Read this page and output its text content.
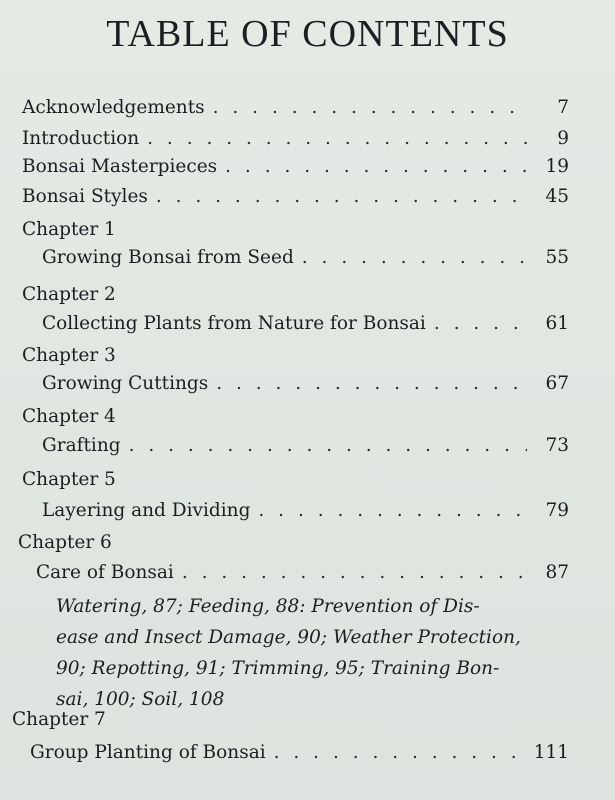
TABLE OF CONTENTS
Acknowledgements . . .	7
Introduction . . .	9
Bonsai Masterpieces . . .	19
Bonsai Styles . . .	45
Chapter 1
Growing Bonsai from Seed . . .	55
Chapter 2
Collecting Plants from Nature for Bonsai . . .	61
Chapter 3
Growing Cuttings . . .	67
Chapter 4
Grafting . . .	73
Chapter 5
Layering and Dividing . . .	79
Chapter 6
Care of Bonsai . . .	87
Watering, 87; Feeding, 88: Prevention of Dis-
ease and Insect Damage, 90; Weather Protection,
90; Repotting, 91; Trimming, 95; Training Bon-
sai, 100; Soil, 108
Chapter 7
Group Planting of Bonsai . . .	111
